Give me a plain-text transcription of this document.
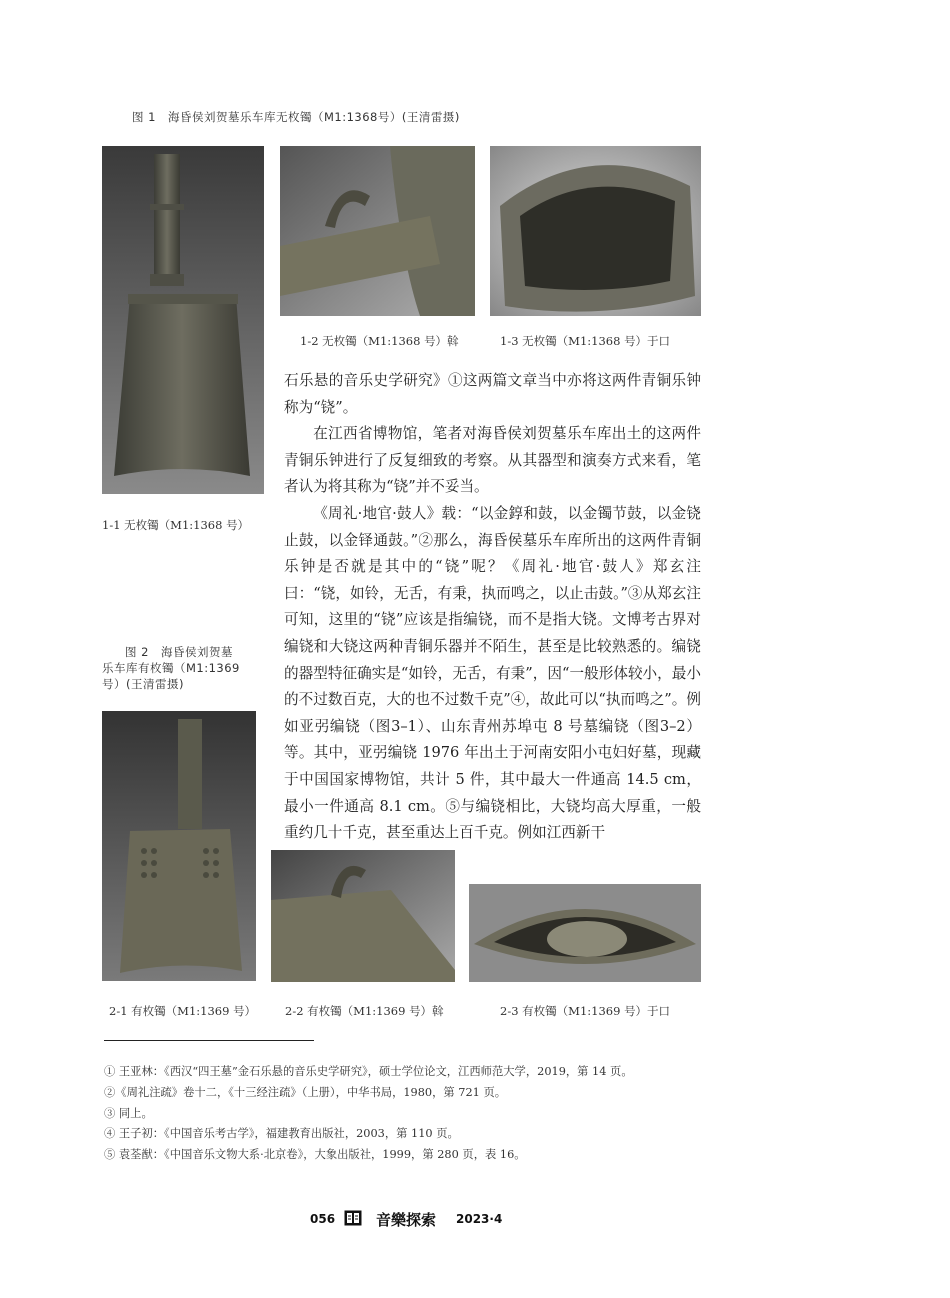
图 1　海昏侯刘贺墓乐车库无枚镯（M1:1368号）(王清雷摄)
1-1 无枚镯（M1:1368 号）
1-2 无枚镯（M1:1368 号）斡	1-3 无枚镯（M1:1368 号）于口
图 2　海昏侯刘贺墓
乐车库有枚镯（M1:1369
号）(王清雷摄)

石乐悬的音乐史学研究》①这两篇文章当中亦将这两件青铜乐钟称为“铙”。

在江西省博物馆，笔者对海昏侯刘贺墓乐车库出土的这两件青铜乐钟进行了反复细致的考察。从其器型和演奏方式来看，笔者认为将其称为“铙”并不妥当。

《周礼·地官·鼓人》载：“以金錞和鼓，以金镯节鼓，以金铙止鼓，以金铎通鼓。”②那么，海昏侯墓乐车库所出的这两件青铜乐钟是否就是其中的“铙”呢？《周礼·地官·鼓人》郑玄注曰：“铙，如铃，无舌，有秉，执而鸣之，以止击鼓。”③从郑玄注可知，这里的“铙”应该是指编铙，而不是指大铙。文博考古界对编铙和大铙这两种青铜乐器并不陌生，甚至是比较熟悉的。编铙的器型特征确实是“如铃，无舌，有秉”，因“一般形体较小，最小的不过数百克，大的也不过数千克”④，故此可以“执而鸣之”。例如亚弜编铙（图3–1）、山东青州苏埠屯 8 号墓编铙（图3–2）等。其中，亚弜编铙 1976 年出土于河南安阳小屯妇好墓，现藏于中国国家博物馆，共计 5 件，其中最大一件通高 14.5 cm，最小一件通高 8.1 cm。⑤与编铙相比，大铙均高大厚重，一般重约几十千克，甚至重达上百千克。例如江西新干

2-1 有枚镯（M1:1369 号）	2-2 有枚镯（M1:1369 号）斡	2-3 有枚镯（M1:1369 号）于口
① 王亚林：《西汉“四王墓”金石乐悬的音乐史学研究》，硕士学位论文，江西师范大学，2019，第 14 页。
②《周礼注疏》卷十二，《十三经注疏》（上册），中华书局，1980，第 721 页。
③ 同上。
④ 王子初：《中国音乐考古学》，福建教育出版社，2003，第 110 页。
⑤ 袁荃猷：《中国音乐文物大系·北京卷》，大象出版社，1999，第 280 页，表 16。
056	音樂探索 2023·4
